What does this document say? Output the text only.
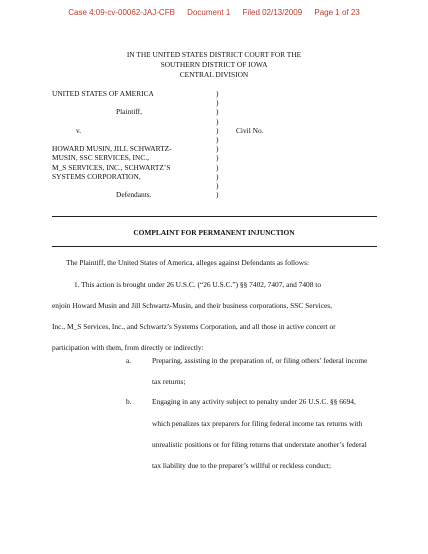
Case 4:09-cv-00062-JAJ-CFB Document 1 Filed 02/13/2009 Page 1 of 23
IN THE UNITED STATES DISTRICT COURT FOR THE
SOUTHERN DISTRICT OF IOWA
CENTRAL DIVISION
UNITED STATES OF AMERICA
Plaintiff,
v.
HOWARD MUSIN, JILL SCHWARTZ-
MUSIN, SSC SERVICES, INC.,
M_S SERVICES, INC., SCHWARTZ’S
SYSTEMS CORPORATION,
Defendants.
)
)
)
)
)
)
)
)
)
)
)
)
Civil No.
COMPLAINT FOR PERMANENT INJUNCTION
The Plaintiff, the United States of America, alleges against Defendants as follows:
1. This action is brought under 26 U.S.C. (“26 U.S.C.”) §§ 7402, 7407, and 7408 to
enjoin Howard Musin and Jill Schwartz-Musin, and their business corporations, SSC Services,
Inc., M_S Services, Inc., and Schwartz’s Systems Corporation, and all those in active concert or
participation with them, from directly or indirectly:
a.	Preparing, assisting in the preparation of, or filing others’ federal income
tax returns;
b.	Engaging in any activity subject to penalty under 26 U.S.C. §§ 6694,
which penalizes tax preparers for filing federal income tax returns with
unrealistic positions or for filing returns that understate another’s federal
tax liability due to the preparer’s willful or reckless conduct;
